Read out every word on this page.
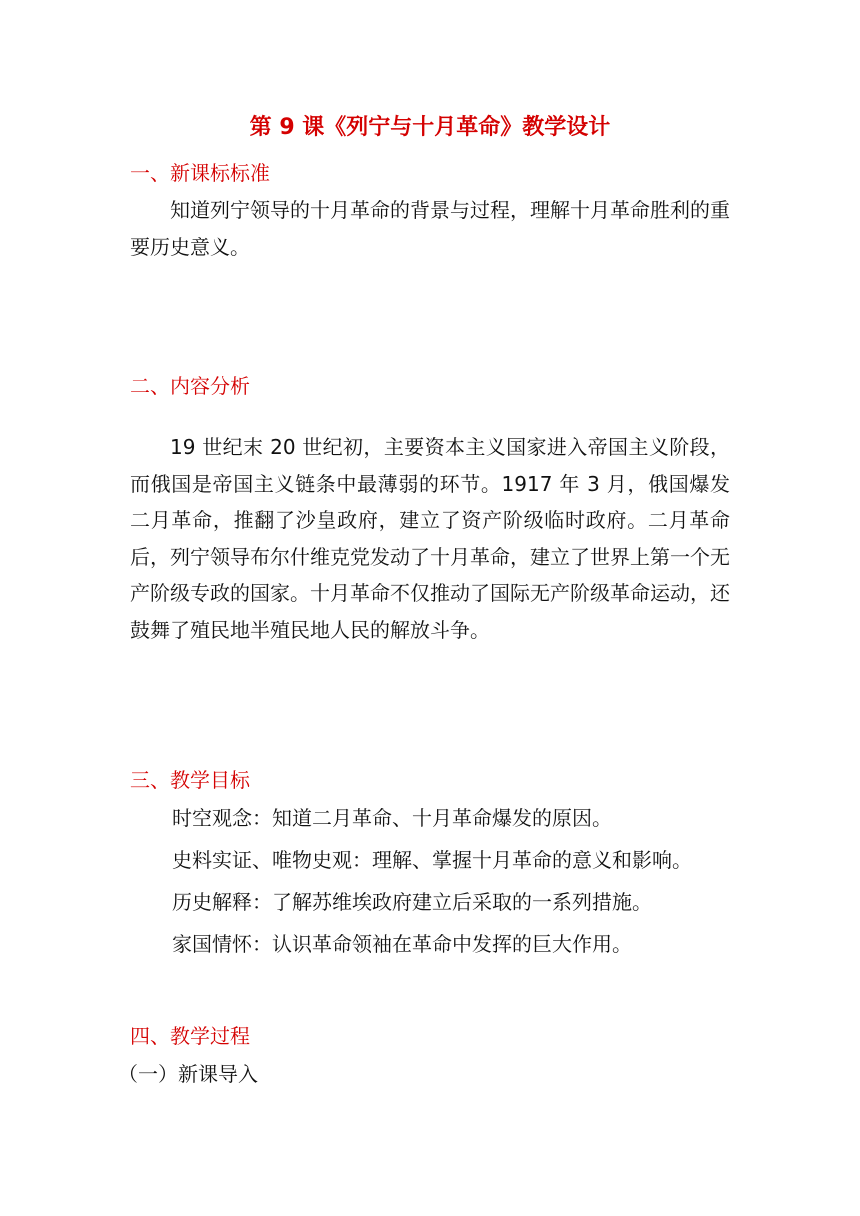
第 9 课《列宁与十月革命》教学设计
一、新课标标准

知道列宁领导的十月革命的背景与过程，理解十月革命胜利的重要历史意义。

二、内容分析

19 世纪末 20 世纪初，主要资本主义国家进入帝国主义阶段，而俄国是帝国主义链条中最薄弱的环节。1917 年 3 月，俄国爆发二月革命，推翻了沙皇政府，建立了资产阶级临时政府。二月革命后，列宁领导布尔什维克党发动了十月革命，建立了世界上第一个无产阶级专政的国家。十月革命不仅推动了国际无产阶级革命运动，还鼓舞了殖民地半殖民地人民的解放斗争。

三、教学目标
时空观念：知道二月革命、十月革命爆发的原因。
史料实证、唯物史观：理解、掌握十月革命的意义和影响。
历史解释：了解苏维埃政府建立后采取的一系列措施。
家国情怀：认识革命领袖在革命中发挥的巨大作用。
四、教学过程
（一）新课导入
